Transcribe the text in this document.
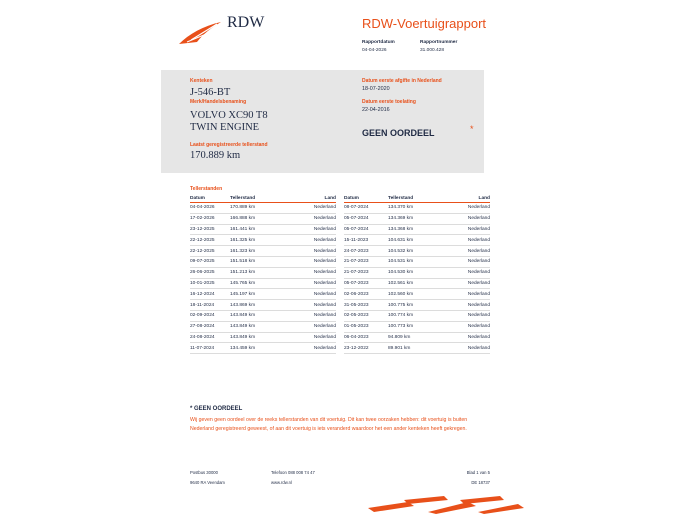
RDW	RDW-Voertuigrapport
Rapportdatum
04-04-2026
Rapportnummer
31.000.428
Kenteken
J-546-BT
Merk/Handelsbenaming
VOLVO XC90 T8
TWIN ENGINE
Laatst geregistreerde tellerstand
170.889 km
Datum eerste afgifte in Nederland
18-07-2020
Datum eerste toelating
22-04-2016
GEEN OORDEEL	*
Tellerstanden
Datum	Tellerstand	Land
04-04-2026	170.889 km	Nederland
17-02-2026	166.888 km	Nederland
23-12-2025	161.441 km	Nederland
22-12-2025	161.325 km	Nederland
22-12-2025	161.323 km	Nederland
09-07-2025	151.518 km	Nederland
26-06-2025	151.213 km	Nederland
10-01-2025	145.765 km	Nederland
16-12-2024	145.197 km	Nederland
18-11-2024	143.869 km	Nederland
02-09-2024	143.849 km	Nederland
27-08-2024	143.849 km	Nederland
24-08-2024	143.849 km	Nederland
11-07-2024	134.459 km	Nederland
Datum	Tellerstand	Land
08-07-2024	134.370 km	Nederland
05-07-2024	134.369 km	Nederland
05-07-2024	134.368 km	Nederland
15-11-2023	104.631 km	Nederland
24-07-2023	104.532 km	Nederland
21-07-2023	104.531 km	Nederland
21-07-2023	104.530 km	Nederland
05-07-2023	102.561 km	Nederland
02-06-2023	102.560 km	Nederland
31-05-2023	100.775 km	Nederland
02-05-2023	100.774 km	Nederland
01-05-2023	100.773 km	Nederland
06-04-2023	94.809 km	Nederland
23-12-2022	89.901 km	Nederland
* GEEN OORDEEL
Wij geven geen oordeel over de reeks tellerstanden van dit voertuig. Dit kan twee oorzaken hebben: dit voertuig is buiten Nederland geregistreerd geweest, of aan dit voertuig is iets veranderd waardoor het een ander kenteken heeft gekregen.
Postbus 30000
9640 RA Veendam
Telefoon 088 008 74 47
www.rdw.nl
Blad 1 van 5
DE 18737
